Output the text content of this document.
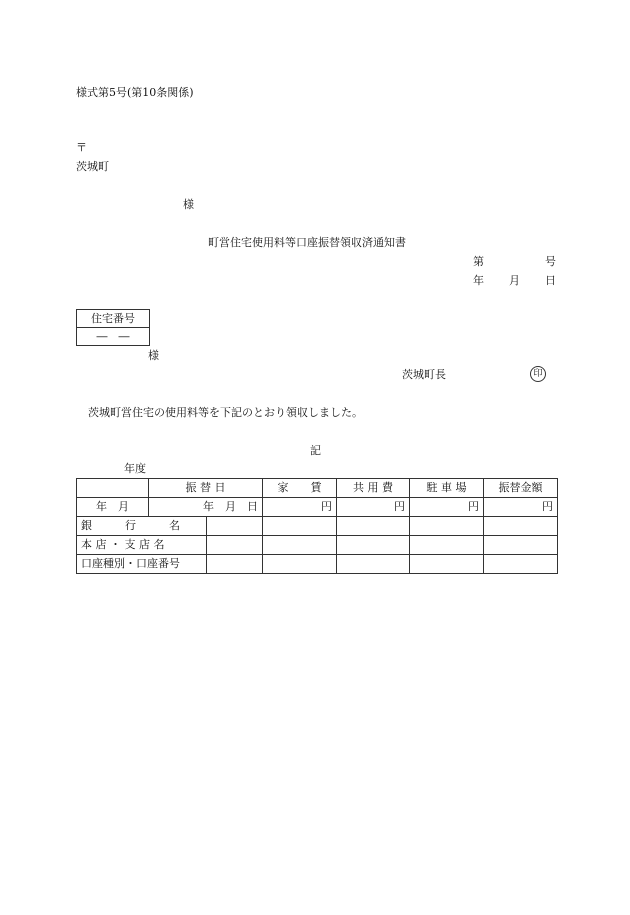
様式第5号(第10条関係)
〒
茨城町
様
町営住宅使用料等口座振替領収済通知書
第	号
年 月 日
住宅番号
―　―
様
茨城町長	印
茨城町営住宅の使用料等を下記のとおり領収しました。
記
年度
	振 替 日		家　　賃	共 用 費	駐 車 場	振替金額
年　月	年　月　日		円	円	円	円
銀　　　行　　　名						
本 店 ・ 支 店 名						
口座種別・口座番号						
